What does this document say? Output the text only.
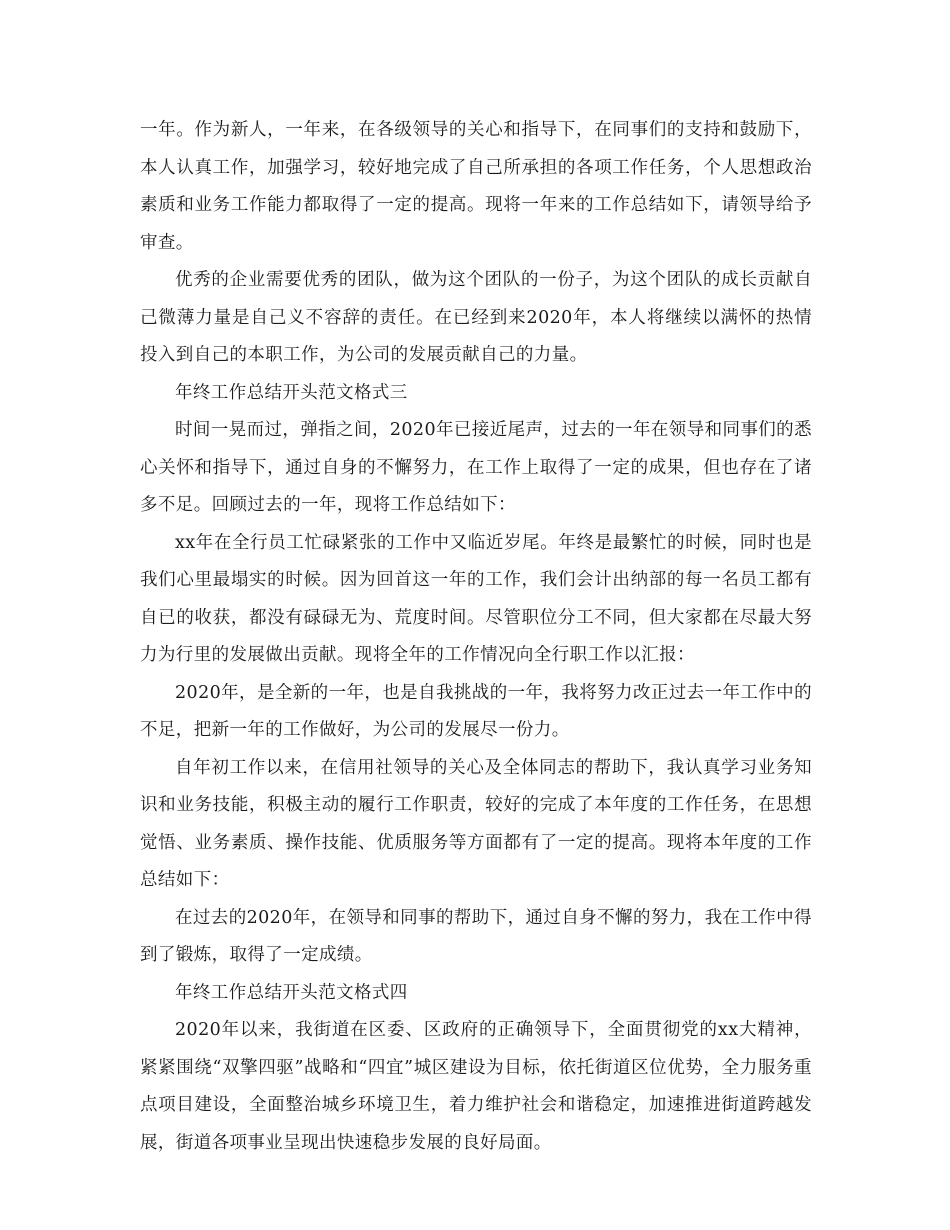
一年。作为新人，一年来，在各级领导的关心和指导下，在同事们的支持和鼓励下，本人认真工作，加强学习，较好地完成了自己所承担的各项工作任务，个人思想政治素质和业务工作能力都取得了一定的提高。现将一年来的工作总结如下，请领导给予审查。

优秀的企业需要优秀的团队，做为这个团队的一份子，为这个团队的成长贡献自己微薄力量是自己义不容辞的责任。在已经到来2020年，本人将继续以满怀的热情投入到自己的本职工作，为公司的发展贡献自己的力量。

年终工作总结开头范文格式三

时间一晃而过，弹指之间，2020年已接近尾声，过去的一年在领导和同事们的悉心关怀和指导下，通过自身的不懈努力，在工作上取得了一定的成果，但也存在了诸多不足。回顾过去的一年，现将工作总结如下：

xx年在全行员工忙碌紧张的工作中又临近岁尾。年终是最繁忙的时候，同时也是我们心里最塌实的时候。因为回首这一年的工作，我们会计出纳部的每一名员工都有自已的收获，都没有碌碌无为、荒度时间。尽管职位分工不同，但大家都在尽最大努力为行里的发展做出贡献。现将全年的工作情况向全行职工作以汇报：

2020年，是全新的一年，也是自我挑战的一年，我将努力改正过去一年工作中的不足，把新一年的工作做好，为公司的发展尽一份力。

自年初工作以来，在信用社领导的关心及全体同志的帮助下，我认真学习业务知识和业务技能，积极主动的履行工作职责，较好的完成了本年度的工作任务，在思想觉悟、业务素质、操作技能、优质服务等方面都有了一定的提高。现将本年度的工作总结如下：

在过去的2020年，在领导和同事的帮助下，通过自身不懈的努力，我在工作中得到了锻炼，取得了一定成绩。

年终工作总结开头范文格式四

2020年以来，我街道在区委、区政府的正确领导下，全面贯彻党的xx大精神，紧紧围绕“双擎四驱”战略和“四宜”城区建设为目标，依托街道区位优势，全力服务重点项目建设，全面整治城乡环境卫生，着力维护社会和谐稳定，加速推进街道跨越发展，街道各项事业呈现出快速稳步发展的良好局面。
